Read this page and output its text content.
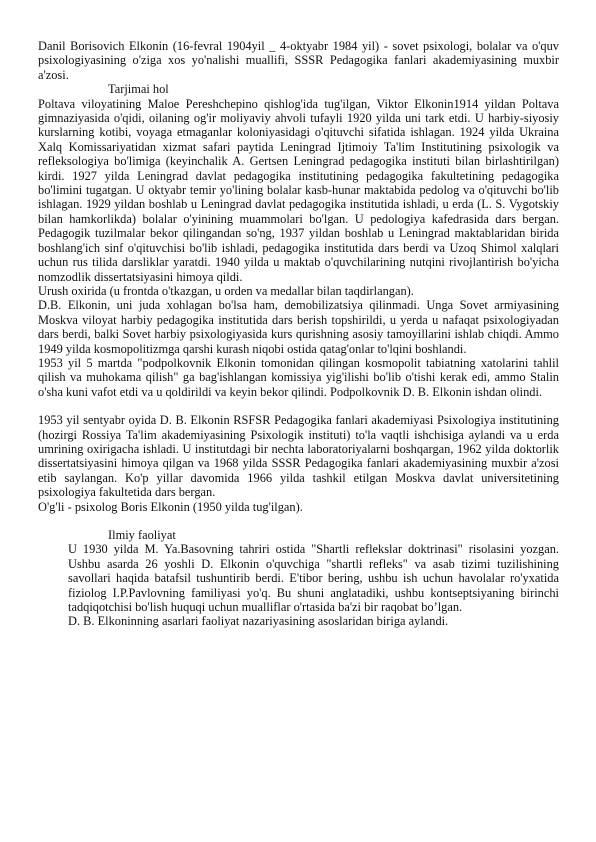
Danil Borisovich Elkonin (16-fevral 1904yil _ 4-oktyabr 1984 yil) - sovet psixologi, bolalar va o'quv psixologiyasining o'ziga xos yo'nalishi muallifi, SSSR Pedagogika fanlari akademiyasining muxbir a'zosi.

Tarjimai hol

Poltava viloyatining Maloe Pereshchepino qishlog'ida tug'ilgan, Viktor Elkonin1914 yildan Poltava gimnaziyasida o'qidi, oilaning og'ir moliyaviy ahvoli tufayli 1920 yilda uni tark etdi. U harbiy-siyosiy kurslarning kotibi, voyaga etmaganlar koloniyasidagi o'qituvchi sifatida ishlagan. 1924 yilda Ukraina Xalq Komissariyatidan xizmat safari paytida Leningrad Ijtimoiy Ta'lim Institutining psixologik va refleksologiya bo'limiga (keyinchalik A. Gertsen Leningrad pedagogika instituti bilan birlashtirilgan) kirdi. 1927 yilda Leningrad davlat pedagogika institutining pedagogika fakultetining pedagogika bo'limini tugatgan. U oktyabr temir yo'lining bolalar kasb-hunar maktabida pedolog va o'qituvchi bo'lib ishlagan. 1929 yildan boshlab u Leningrad davlat pedagogika institutida ishladi, u erda (L. S. Vygotskiy bilan hamkorlikda) bolalar o'yinining muammolari bo'lgan. U pedologiya kafedrasida dars bergan. Pedagogik tuzilmalar bekor qilingandan so'ng, 1937 yildan boshlab u Leningrad maktablaridan birida boshlang'ich sinf o'qituvchisi bo'lib ishladi, pedagogika institutida dars berdi va Uzoq Shimol xalqlari uchun rus tilida darsliklar yaratdi. 1940 yilda u maktab o'quvchilarining nutqini rivojlantirish bo'yicha nomzodlik dissertatsiyasini himoya qildi.

Urush oxirida (u frontda o'tkazgan, u orden va medallar bilan taqdirlangan).

D.B. Elkonin, uni juda xohlagan bo'lsa ham, demobilizatsiya qilinmadi. Unga Sovet armiyasining Moskva viloyat harbiy pedagogika institutida dars berish topshirildi, u yerda u nafaqat psixologiyadan dars berdi, balki Sovet harbiy psixologiyasida kurs qurishning asosiy tamoyillarini ishlab chiqdi. Ammo 1949 yilda kosmopolitizmga qarshi kurash niqobi ostida qatag'onlar to'lqini boshlandi.

1953 yil 5 martda "podpolkovnik Elkonin tomonidan qilingan kosmopolit tabiatning xatolarini tahlil qilish va muhokama qilish" ga bag'ishlangan komissiya yig'ilishi bo'lib o'tishi kerak edi, ammo Stalin o'sha kuni vafot etdi va u qoldirildi va keyin bekor qilindi. Podpolkovnik D. B. Elkonin ishdan olindi.

1953 yil sentyabr oyida D. B. Elkonin RSFSR Pedagogika fanlari akademiyasi Psixologiya institutining (hozirgi Rossiya Ta'lim akademiyasining Psixologik instituti) to'la vaqtli ishchisiga aylandi va u erda umrining oxirigacha ishladi. U institutdagi bir nechta laboratoriyalarni boshqargan, 1962 yilda doktorlik dissertatsiyasini himoya qilgan va 1968 yilda SSSR Pedagogika fanlari akademiyasining muxbir a'zosi etib saylangan. Ko'p yillar davomida 1966 yilda tashkil etilgan Moskva davlat universitetining psixologiya fakultetida dars bergan.

O'g'li - psixolog Boris Elkonin (1950 yilda tug'ilgan).

Ilmiy faoliyat

U 1930 yilda M. Ya.Basovning tahriri ostida "Shartli reflekslar doktrinasi" risolasini yozgan. Ushbu asarda 26 yoshli D. Elkonin o'quvchiga "shartli refleks" va asab tizimi tuzilishining savollari haqida batafsil tushuntirib berdi. E'tibor bering, ushbu ish uchun havolalar ro'yxatida fiziolog I.P.Pavlovning familiyasi yo'q. Bu shuni anglatadiki, ushbu kontseptsiyaning birinchi tadqiqotchisi bo'lish huquqi uchun mualliflar o'rtasida ba'zi bir raqobat bo’lgan.

D. B. Elkoninning asarlari faoliyat nazariyasining asoslaridan biriga aylandi.
